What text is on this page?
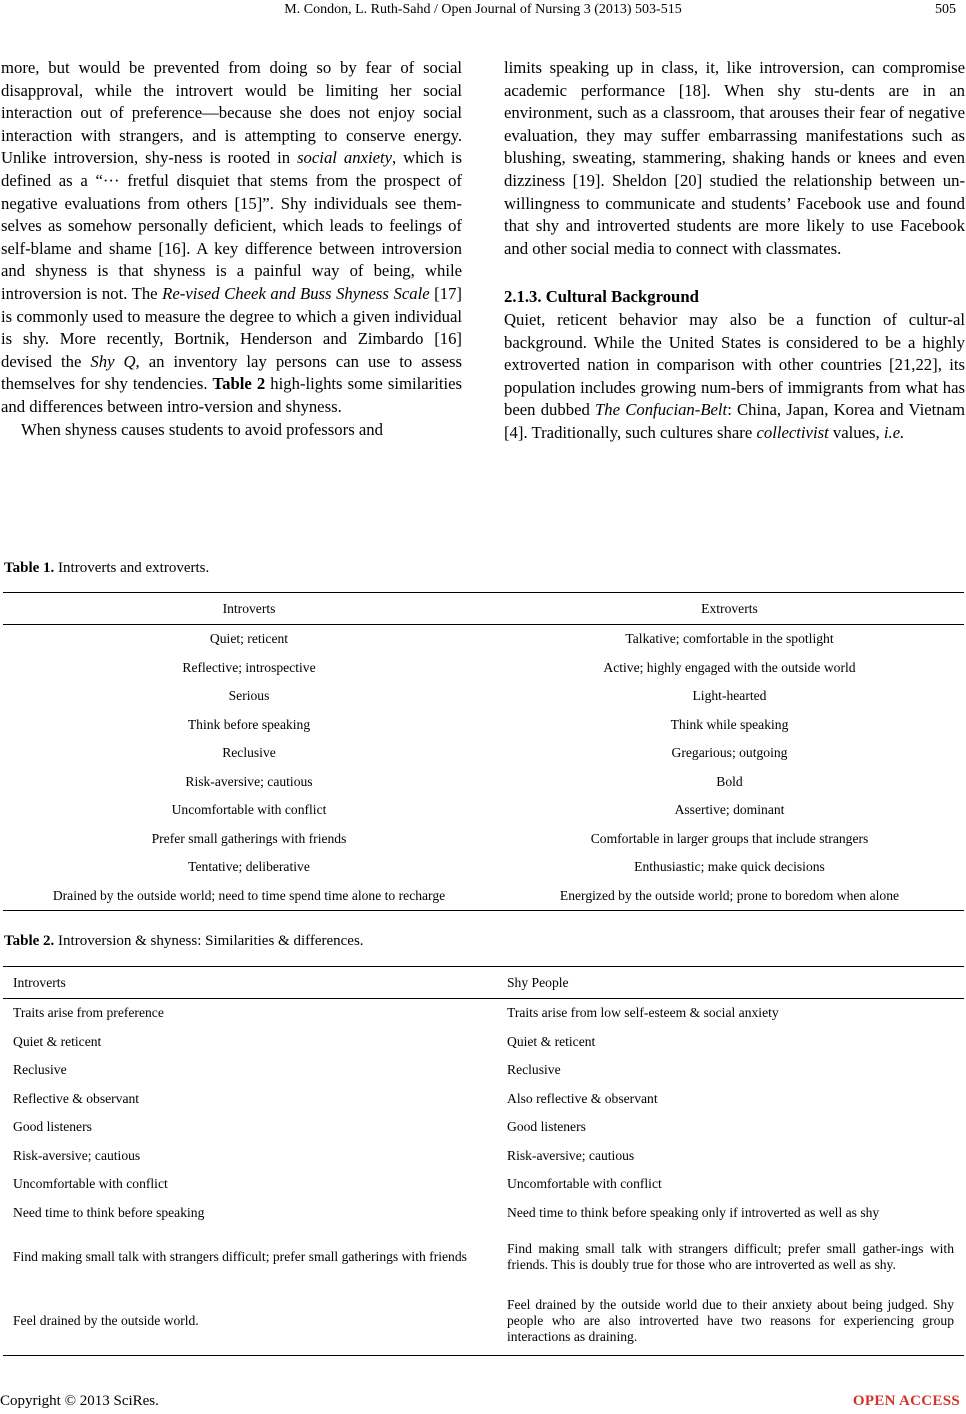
M. Condon, L. Ruth-Sahd / Open Journal of Nursing 3 (2013) 503-515	505

more, but would be prevented from doing so by fear of social disapproval, while the introvert would be limiting her social interaction out of preference—because she does not enjoy social interaction with strangers, and is attempting to conserve energy. Unlike introversion, shy-ness is rooted in social anxiety, which is defined as a “··· fretful disquiet that stems from the prospect of negative evaluations from others [15]”. Shy individuals see them-selves as somehow personally deficient, which leads to feelings of self-blame and shame [16]. A key difference between introversion and shyness is that shyness is a painful way of being, while introversion is not. The Re-vised Cheek and Buss Shyness Scale [17] is commonly used to measure the degree to which a given individual is shy. More recently, Bortnik, Henderson and Zimbardo [16] devised the Shy Q, an inventory lay persons can use to assess themselves for shy tendencies. Table 2 high-lights some similarities and differences between intro-version and shyness.

When shyness causes students to avoid professors and

limits speaking up in class, it, like introversion, can compromise academic performance [18]. When shy stu-dents are in an environment, such as a classroom, that arouses their fear of negative evaluation, they may suffer embarrassing manifestations such as blushing, sweating, stammering, shaking hands or knees and even dizziness [19]. Sheldon [20] studied the relationship between un-willingness to communicate and students’ Facebook use and found that shy and introverted students are more likely to use Facebook and other social media to connect with classmates.

2.1.3. Cultural Background

Quiet, reticent behavior may also be a function of cultur-al background. While the United States is considered to be a highly extroverted nation in comparison with other countries [21,22], its population includes growing num-bers of immigrants from what has been dubbed The Confucian-Belt: China, Japan, Korea and Vietnam [4]. Traditionally, such cultures share collectivist values, i.e.

Table 1. Introverts and extroverts.
Introverts	Extroverts
Quiet; reticent	Talkative; comfortable in the spotlight
Reflective; introspective	Active; highly engaged with the outside world
Serious	Light-hearted
Think before speaking	Think while speaking
Reclusive	Gregarious; outgoing
Risk-aversive; cautious	Bold
Uncomfortable with conflict	Assertive; dominant
Prefer small gatherings with friends	Comfortable in larger groups that include strangers
Tentative; deliberative	Enthusiastic; make quick decisions
Drained by the outside world; need to time spend time alone to recharge	Energized by the outside world; prone to boredom when alone
Table 2. Introversion & shyness: Similarities & differences.
Introverts	Shy People
Traits arise from preference	Traits arise from low self-esteem & social anxiety
Quiet & reticent	Quiet & reticent
Reclusive	Reclusive
Reflective & observant	Also reflective & observant
Good listeners	Good listeners
Risk-aversive; cautious	Risk-aversive; cautious
Uncomfortable with conflict	Uncomfortable with conflict
Need time to think before speaking	Need time to think before speaking only if introverted as well as shy
Find making small talk with strangers difficult; prefer small gatherings with friends	Find making small talk with strangers difficult; prefer small gather-ings with friends. This is doubly true for those who are introverted as well as shy.
Feel drained by the outside world.	Feel drained by the outside world due to their anxiety about being judged. Shy people who are also introverted have two reasons for experiencing group interactions as draining.
Copyright © 2013 SciRes.	OPEN ACCESS
